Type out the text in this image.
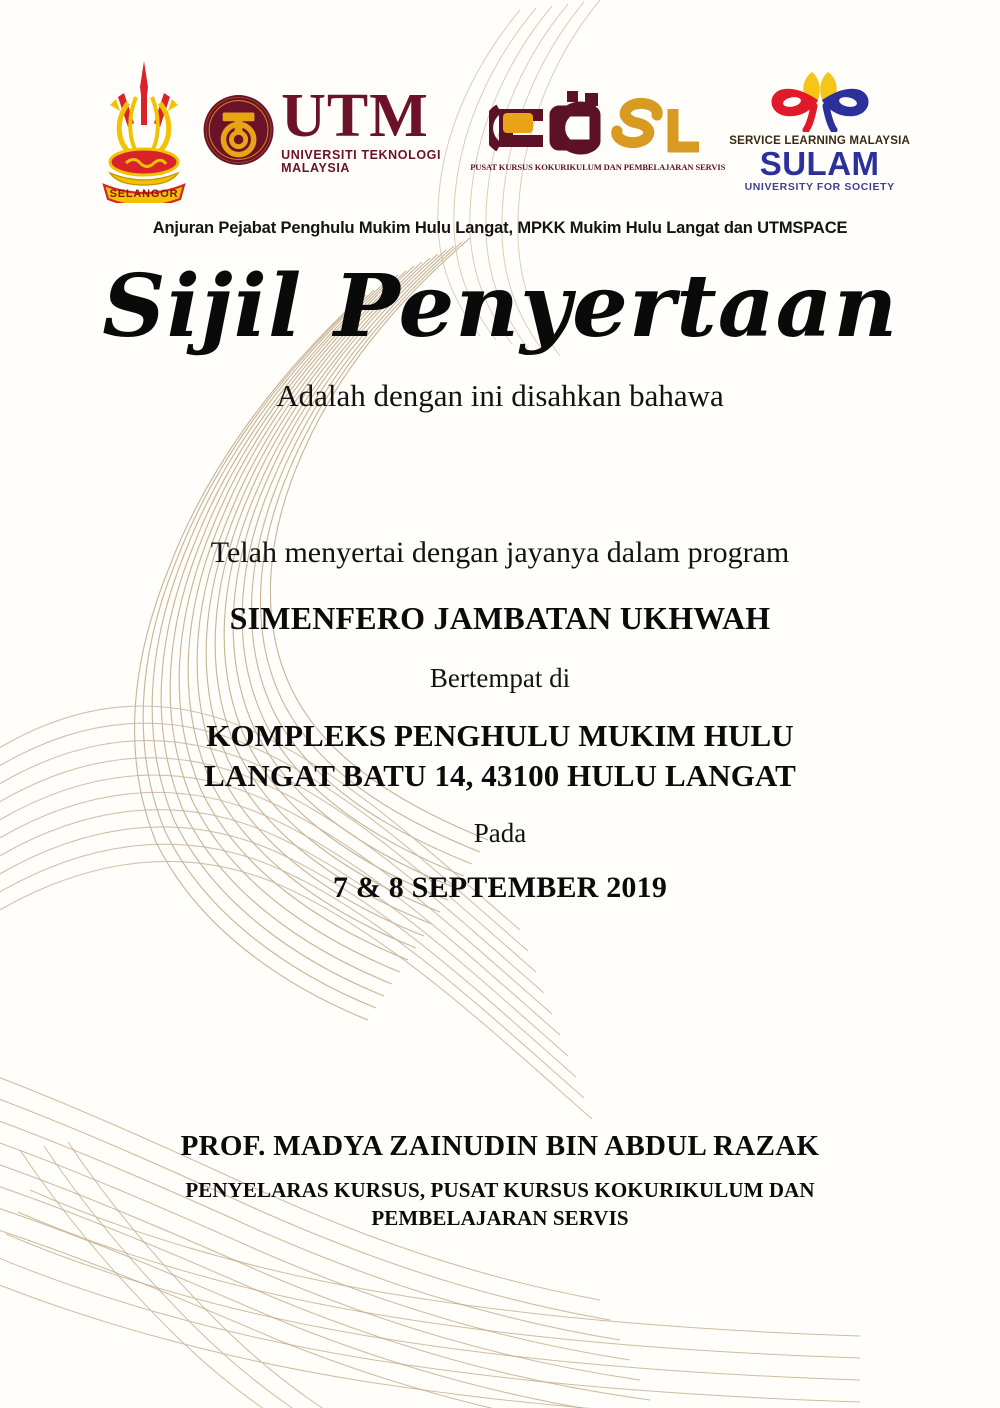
SELANGOR
UTM
UNIVERSITI TEKNOLOGI MALAYSIA	PUSAT KURSUS KOKURIKULUM DAN PEMBELAJARAN SERVIS
SERVICE LEARNING MALAYSIA
SULAM
UNIVERSITY FOR SOCIETY
Anjuran Pejabat Penghulu Mukim Hulu Langat, MPKK Mukim Hulu Langat dan UTMSPACE
Sijil Penyertaan
Adalah dengan ini disahkan bahawa
Telah menyertai dengan jayanya dalam program
SIMENFERO JAMBATAN UKHWAH
Bertempat di
KOMPLEKS PENGHULU MUKIM HULU
LANGAT BATU 14, 43100 HULU LANGAT
Pada
7 & 8 SEPTEMBER 2019
PROF. MADYA ZAINUDIN BIN ABDUL RAZAK
PENYELARAS KURSUS, PUSAT KURSUS KOKURIKULUM DAN
PEMBELAJARAN SERVIS
